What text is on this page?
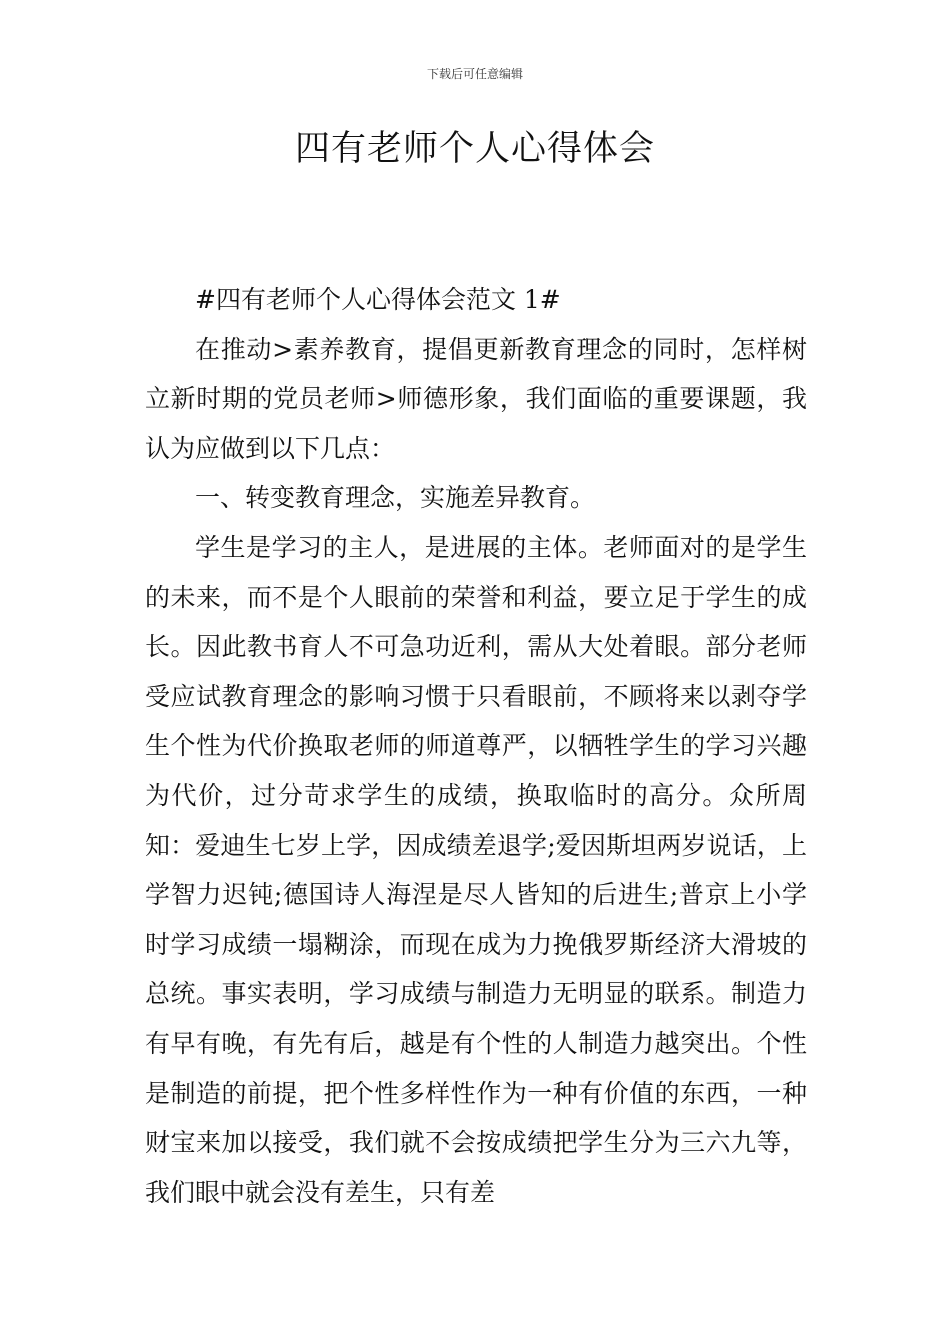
下载后可任意编辑
四有老师个人心得体会

#四有老师个人心得体会范文 1#

在推动>素养教育，提倡更新教育理念的同时，怎样树立新时期的党员老师>师德形象，我们面临的重要课题，我认为应做到以下几点：

一、转变教育理念，实施差异教育。

学生是学习的主人，是进展的主体。老师面对的是学生的未来，而不是个人眼前的荣誉和利益，要立足于学生的成长。因此教书育人不可急功近利，需从大处着眼。部分老师受应试教育理念的影响习惯于只看眼前，不顾将来以剥夺学生个性为代价换取老师的师道尊严，以牺牲学生的学习兴趣为代价，过分苛求学生的成绩，换取临时的高分。众所周知：爱迪生七岁上学，因成绩差退学;爱因斯坦两岁说话，上学智力迟钝;德国诗人海涅是尽人皆知的后进生;普京上小学时学习成绩一塌糊涂，而现在成为力挽俄罗斯经济大滑坡的总统。事实表明，学习成绩与制造力无明显的联系。制造力有早有晚，有先有后，越是有个性的人制造力越突出。个性是制造的前提，把个性多样性作为一种有价值的东西，一种财宝来加以接受，我们就不会按成绩把学生分为三六九等，我们眼中就会没有差生，只有差
